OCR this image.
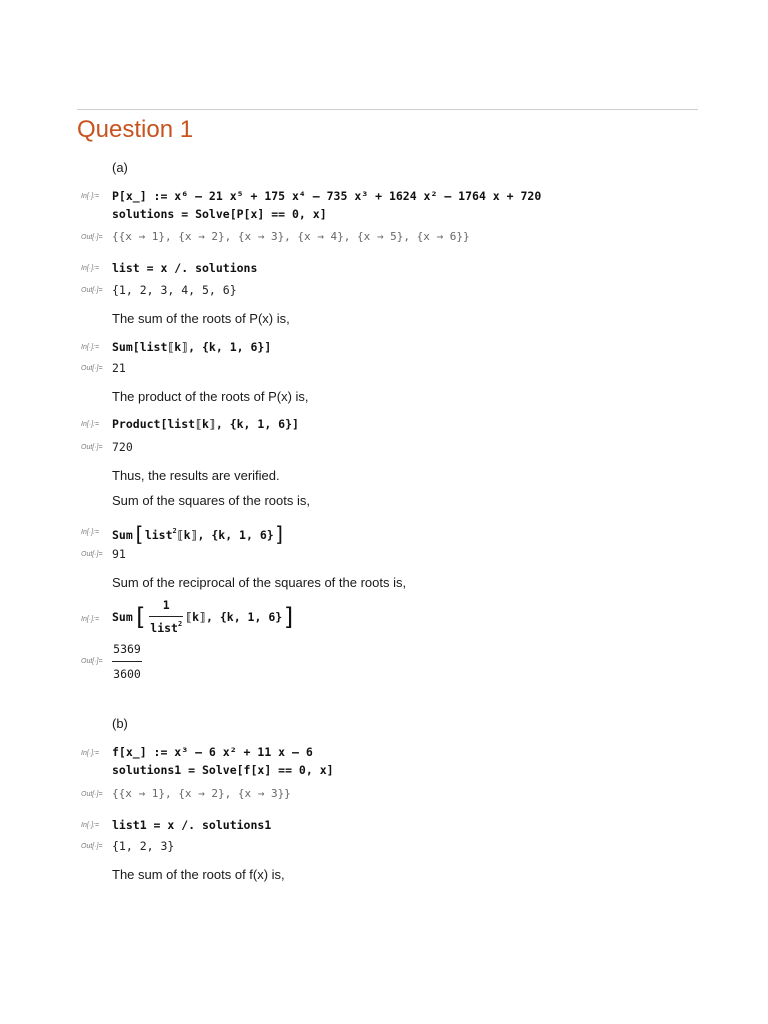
Question 1
(a)
In[·]:= P[x_] := x⁶ – 21 x⁵ + 175 x⁴ – 735 x³ + 1624 x² – 1764 x + 720
solutions = Solve[P[x] == 0, x]
Out[·]= {{x → 1}, {x → 2}, {x → 3}, {x → 4}, {x → 5}, {x → 6}}
In[·]:= list = x /. solutions
Out[·]= {1, 2, 3, 4, 5, 6}
The sum of the roots of P(x) is,
In[·]:= Sum[list⟦k⟧, {k, 1, 6}]
Out[·]= 21
The product of the roots of P(x) is,
In[·]:= Product[list⟦k⟧, {k, 1, 6}]
Out[·]= 720
Thus, the results are verified.
Sum of the squares of the roots is,
In[·]:= Sum[list$^2$⟦k⟧, {k, 1, 6}]
Out[·]= 91
Sum of the reciprocal of the squares of the roots is,
In[·]:= Sum [ 1
list$^2$
⟦k⟧, {k, 1, 6} ]
Out[·]=
5369
3600
(b)
In[·]:= f[x_] := x³ – 6 x² + 11 x – 6
solutions1 = Solve[f[x] == 0, x]
Out[·]= {{x → 1}, {x → 2}, {x → 3}}
In[·]:= list1 = x /. solutions1
Out[·]= {1, 2, 3}
The sum of the roots of f(x) is,
